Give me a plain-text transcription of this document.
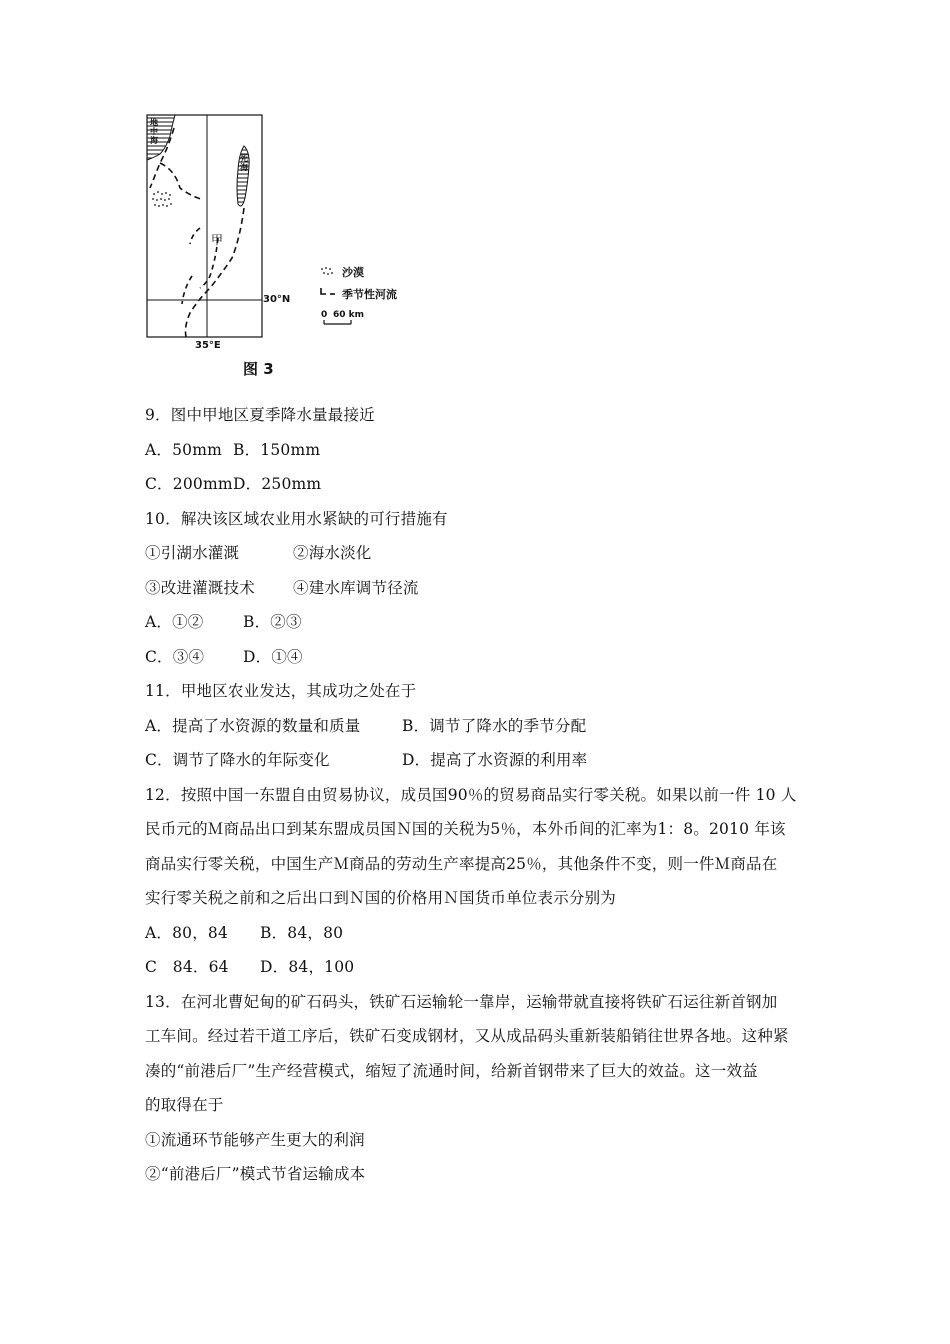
地中海
死海
甲
30°N
35°E
沙漠
季节性河流
0 60 km
图 3
9．图中甲地区夏季降水量最接近
A．50mm B．150mm
C．200mmD．250mm
10．解决该区域农业用水紧缺的可行措施有
①引湖水灌溉	②海水淡化
③改进灌溉技术 ④建水库调节径流
A．①②	B．②③
C．③④	D．①④
11．甲地区农业发达，其成功之处在于
A．提高了水资源的数量和质量	B．调节了降水的季节分配
C．调节了降水的年际变化	D．提高了水资源的利用率
12．按照中国一东盟自由贸易协议，成员国90％的贸易商品实行零关税。如果以前一件 10 人
民币元的Ｍ商品出口到某东盟成员国Ｎ国的关税为5％，本外币间的汇率为1：8。2010 年该
商品实行零关税，中国生产Ｍ商品的劳动生产率提高25％，其他条件不变，则一件Ｍ商品在
实行零关税之前和之后出口到Ｎ国的价格用Ｎ国货币单位表示分别为
A．80，84 B．84，80
C　84．64 D．84，100
13．在河北曹妃甸的矿石码头，铁矿石运输轮一靠岸，运输带就直接将铁矿石运往新首钢加
工车间。经过若干道工序后，铁矿石变成钢材，又从成品码头重新装船销往世界各地。这种紧
凑的“前港后厂”生产经营模式，缩短了流通时间，给新首钢带来了巨大的效益。这一效益
的取得在于
①流通环节能够产生更大的利润
②“前港后厂”模式节省运输成本
